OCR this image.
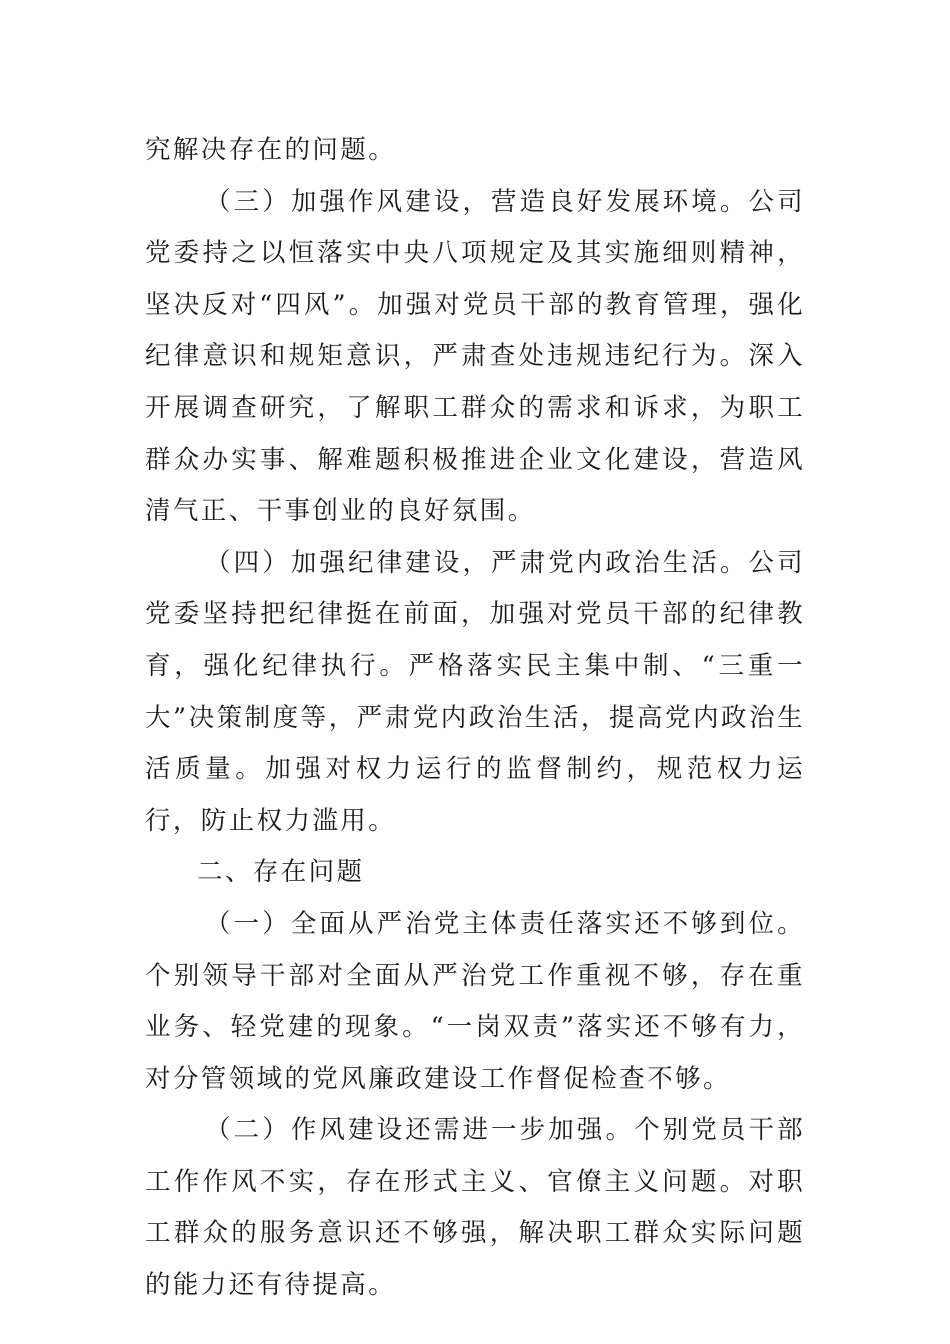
究解决存在的问题。

（三）加强作风建设，营造良好发展环境。公司党委持之以恒落实中央八项规定及其实施细则精神，坚决反对“四风”。加强对党员干部的教育管理，强化纪律意识和规矩意识，严肃查处违规违纪行为。深入开展调查研究，了解职工群众的需求和诉求，为职工群众办实事、解难题积极推进企业文化建设，营造风清气正、干事创业的良好氛围。

（四）加强纪律建设，严肃党内政治生活。公司党委坚持把纪律挺在前面，加强对党员干部的纪律教育，强化纪律执行。严格落实民主集中制、“三重一大”决策制度等，严肃党内政治生活，提高党内政治生活质量。加强对权力运行的监督制约，规范权力运行，防止权力滥用。

二、存在问题

（一）全面从严治党主体责任落实还不够到位。个别领导干部对全面从严治党工作重视不够，存在重业务、轻党建的现象。“一岗双责”落实还不够有力，对分管领域的党风廉政建设工作督促检查不够。

（二）作风建设还需进一步加强。个别党员干部工作作风不实，存在形式主义、官僚主义问题。对职工群众的服务意识还不够强，解决职工群众实际问题的能力还有待提高。
